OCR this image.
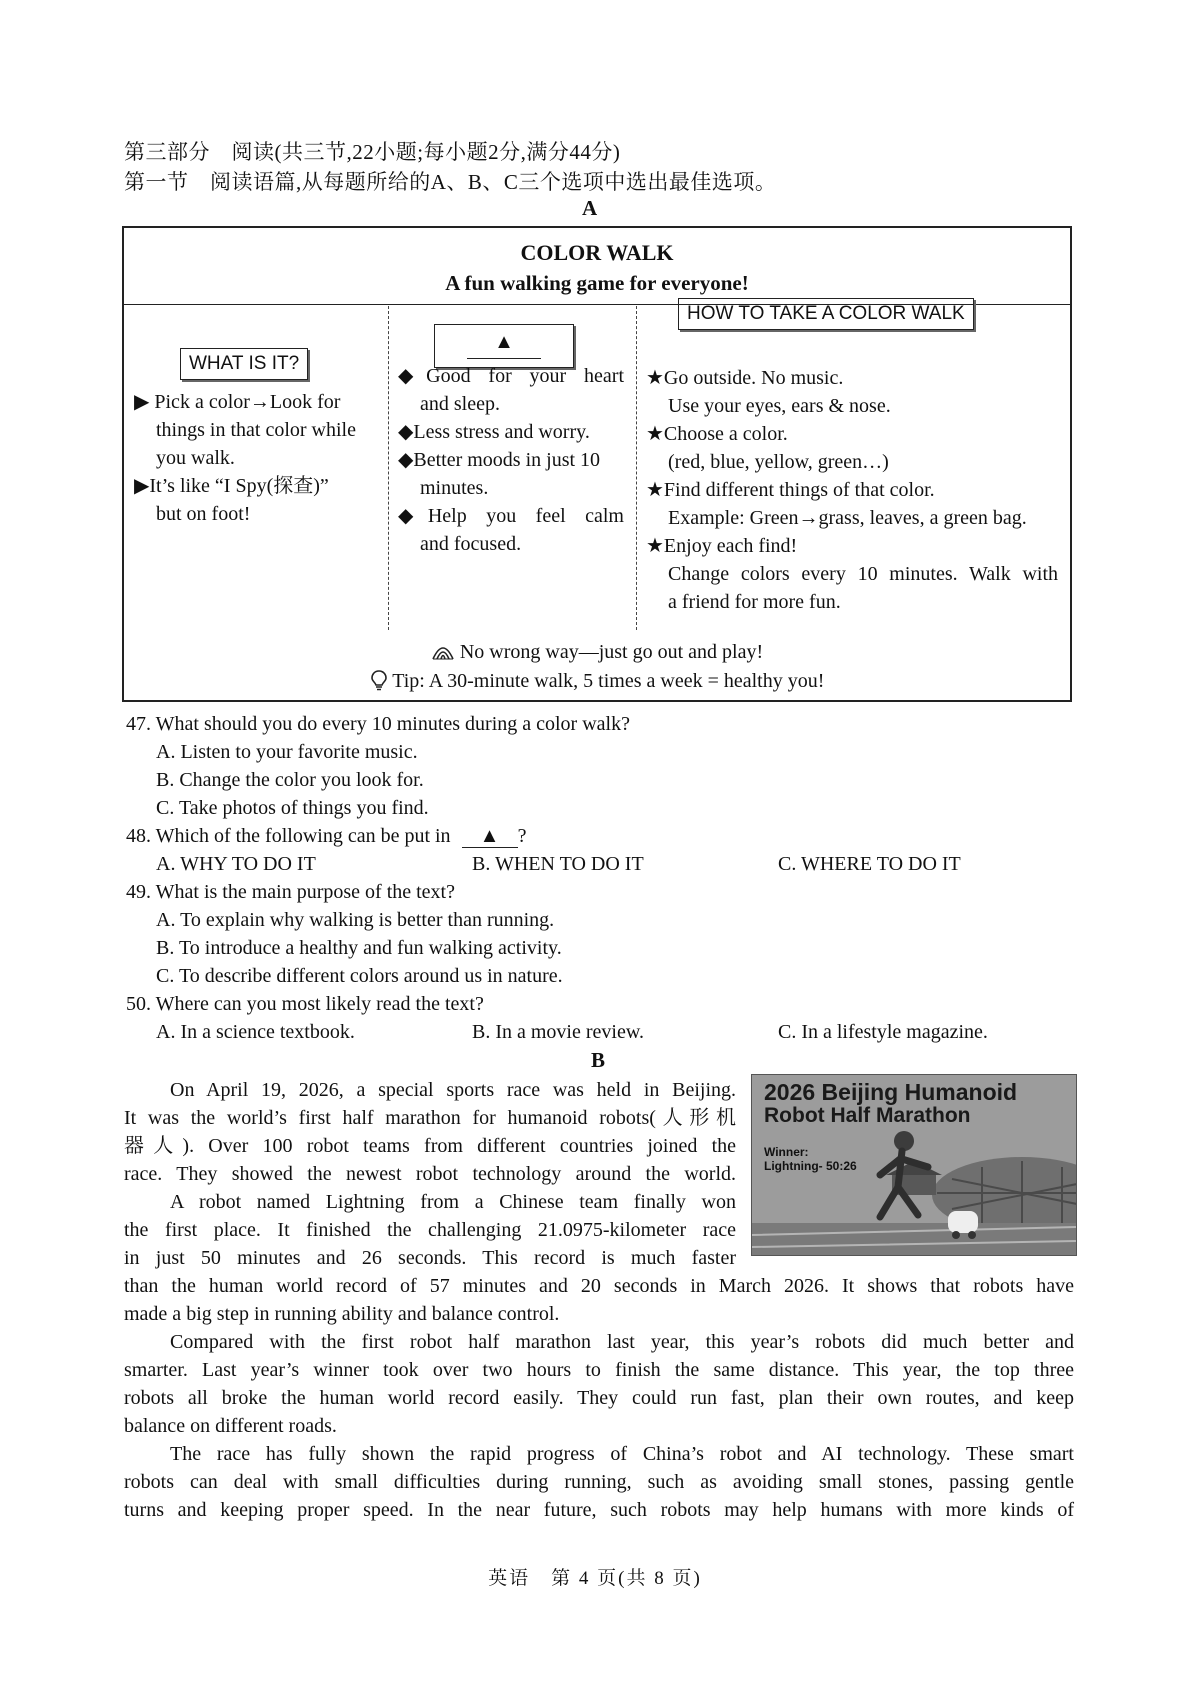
第三部分　阅读(共三节,22小题;每小题2分,满分44分)
第一节　阅读语篇,从每题所给的A、B、C三个选项中选出最佳选项。
A
COLOR WALK
A fun walking game for everyone!
WHAT IS IT?
▶ Pick a color→Look for
things in that color while
you walk.
▶It’s like “I Spy(探查)”
but on foot!
▲
◆Good for your heart
and sleep.
◆Less stress and worry.
◆Better moods in just 10
minutes.
◆Help you feel calm
and focused.
HOW TO TAKE A COLOR WALK
★Go outside. No music.
Use your eyes, ears & nose.
★Choose a color.
(red, blue, yellow, green…)
★Find different things of that color.
Example: Green→grass, leaves, a green bag.
★Enjoy each find!
Change colors every 10 minutes. Walk with
a friend for more fun.
No wrong way—just go out and play!
Tip: A 30-minute walk, 5 times a week = healthy you!
47. What should you do every 10 minutes during a color walk?
A. Listen to your favorite music.
B. Change the color you look for.
C. Take photos of things you find.
48. Which of the following can be put in ▲ ?
A. WHY TO DO IT	B. WHEN TO DO IT	C. WHERE TO DO IT
49. What is the main purpose of the text?
A. To explain why walking is better than running.
B. To introduce a healthy and fun walking activity.
C. To describe different colors around us in nature.
50. Where can you most likely read the text?
A. In a science textbook.	B. In a movie review.	C. In a lifestyle magazine.
B
On April 19, 2026, a special sports race was held in Beijing.
It was the world’s first half marathon for humanoid robots(人形机
器人). Over 100 robot teams from different countries joined the
race. They showed the newest robot technology around the world.
A robot named Lightning from a Chinese team finally won
the first place. It finished the challenging 21.0975-kilometer race
in just 50 minutes and 26 seconds. This record is much faster
than the human world record of 57 minutes and 20 seconds in March 2026. It shows that robots have
made a big step in running ability and balance control.
Compared with the first robot half marathon last year, this year’s robots did much better and
smarter. Last year’s winner took over two hours to finish the same distance. This year, the top three
robots all broke the human world record easily. They could run fast, plan their own routes, and keep
balance on different roads.
The race has fully shown the rapid progress of China’s robot and AI technology. These smart
robots can deal with small difficulties during running, such as avoiding small stones, passing gentle
turns and keeping proper speed. In the near future, such robots may help humans with more kinds of
2026 Beijing Humanoid
Robot Half Marathon
Winner:
Lightning- 50:26
英语　第 4 页(共 8 页)
